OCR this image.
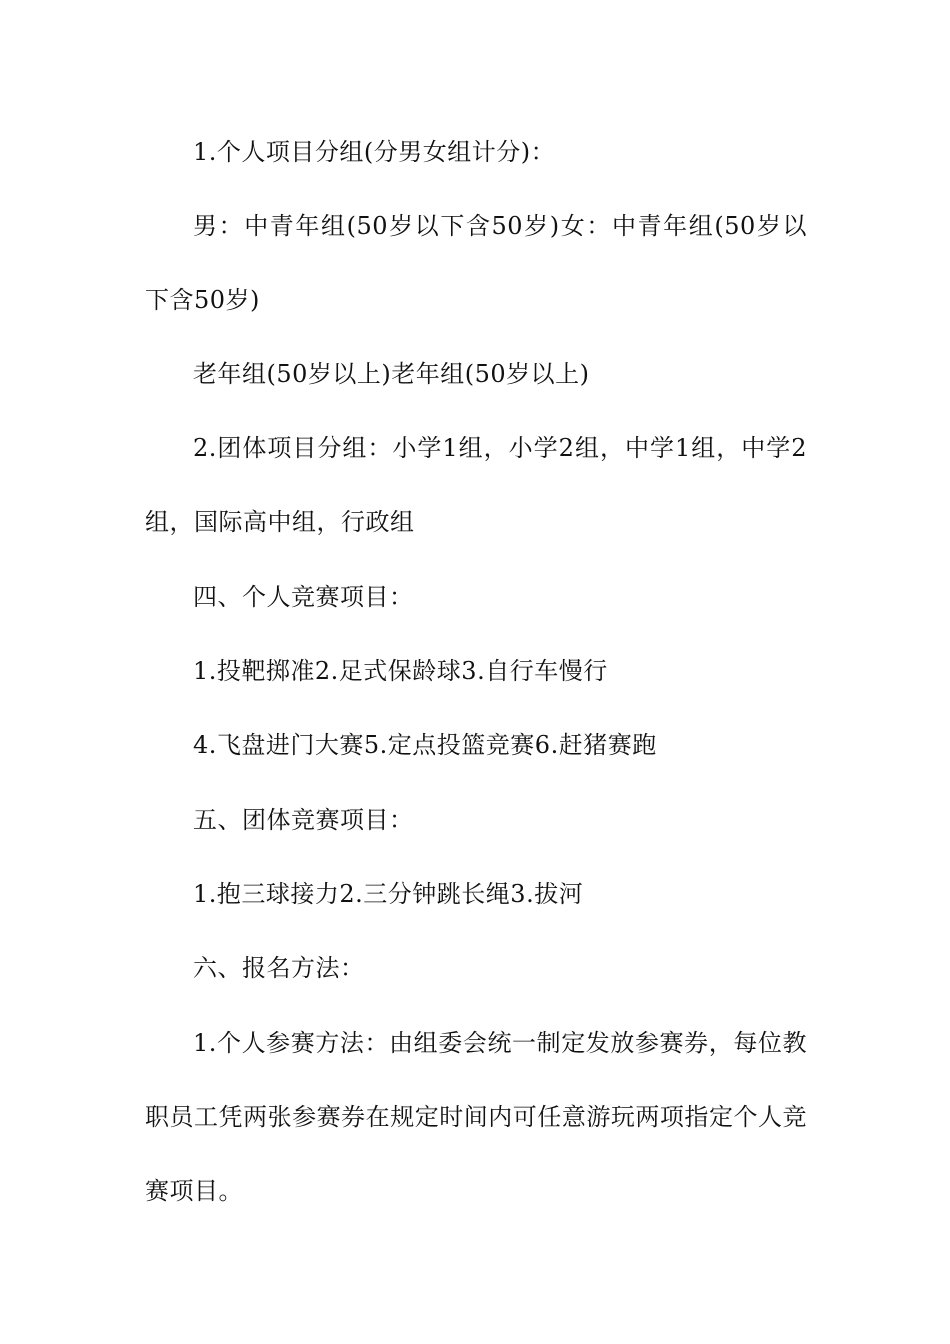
1.个人项目分组(分男女组计分)：

男：中青年组(50岁以下含50岁)女：中青年组(50岁以下含50岁)

老年组(50岁以上)老年组(50岁以上)

2.团体项目分组：小学1组，小学2组，中学1组，中学2组，国际高中组，行政组

四、个人竞赛项目：

1.投靶掷准2.足式保龄球3.自行车慢行

4.飞盘进门大赛5.定点投篮竞赛6.赶猪赛跑

五、团体竞赛项目：

1.抱三球接力2.三分钟跳长绳3.拔河

六、报名方法：

1.个人参赛方法：由组委会统一制定发放参赛券，每位教职员工凭两张参赛券在规定时间内可任意游玩两项指定个人竞赛项目。
